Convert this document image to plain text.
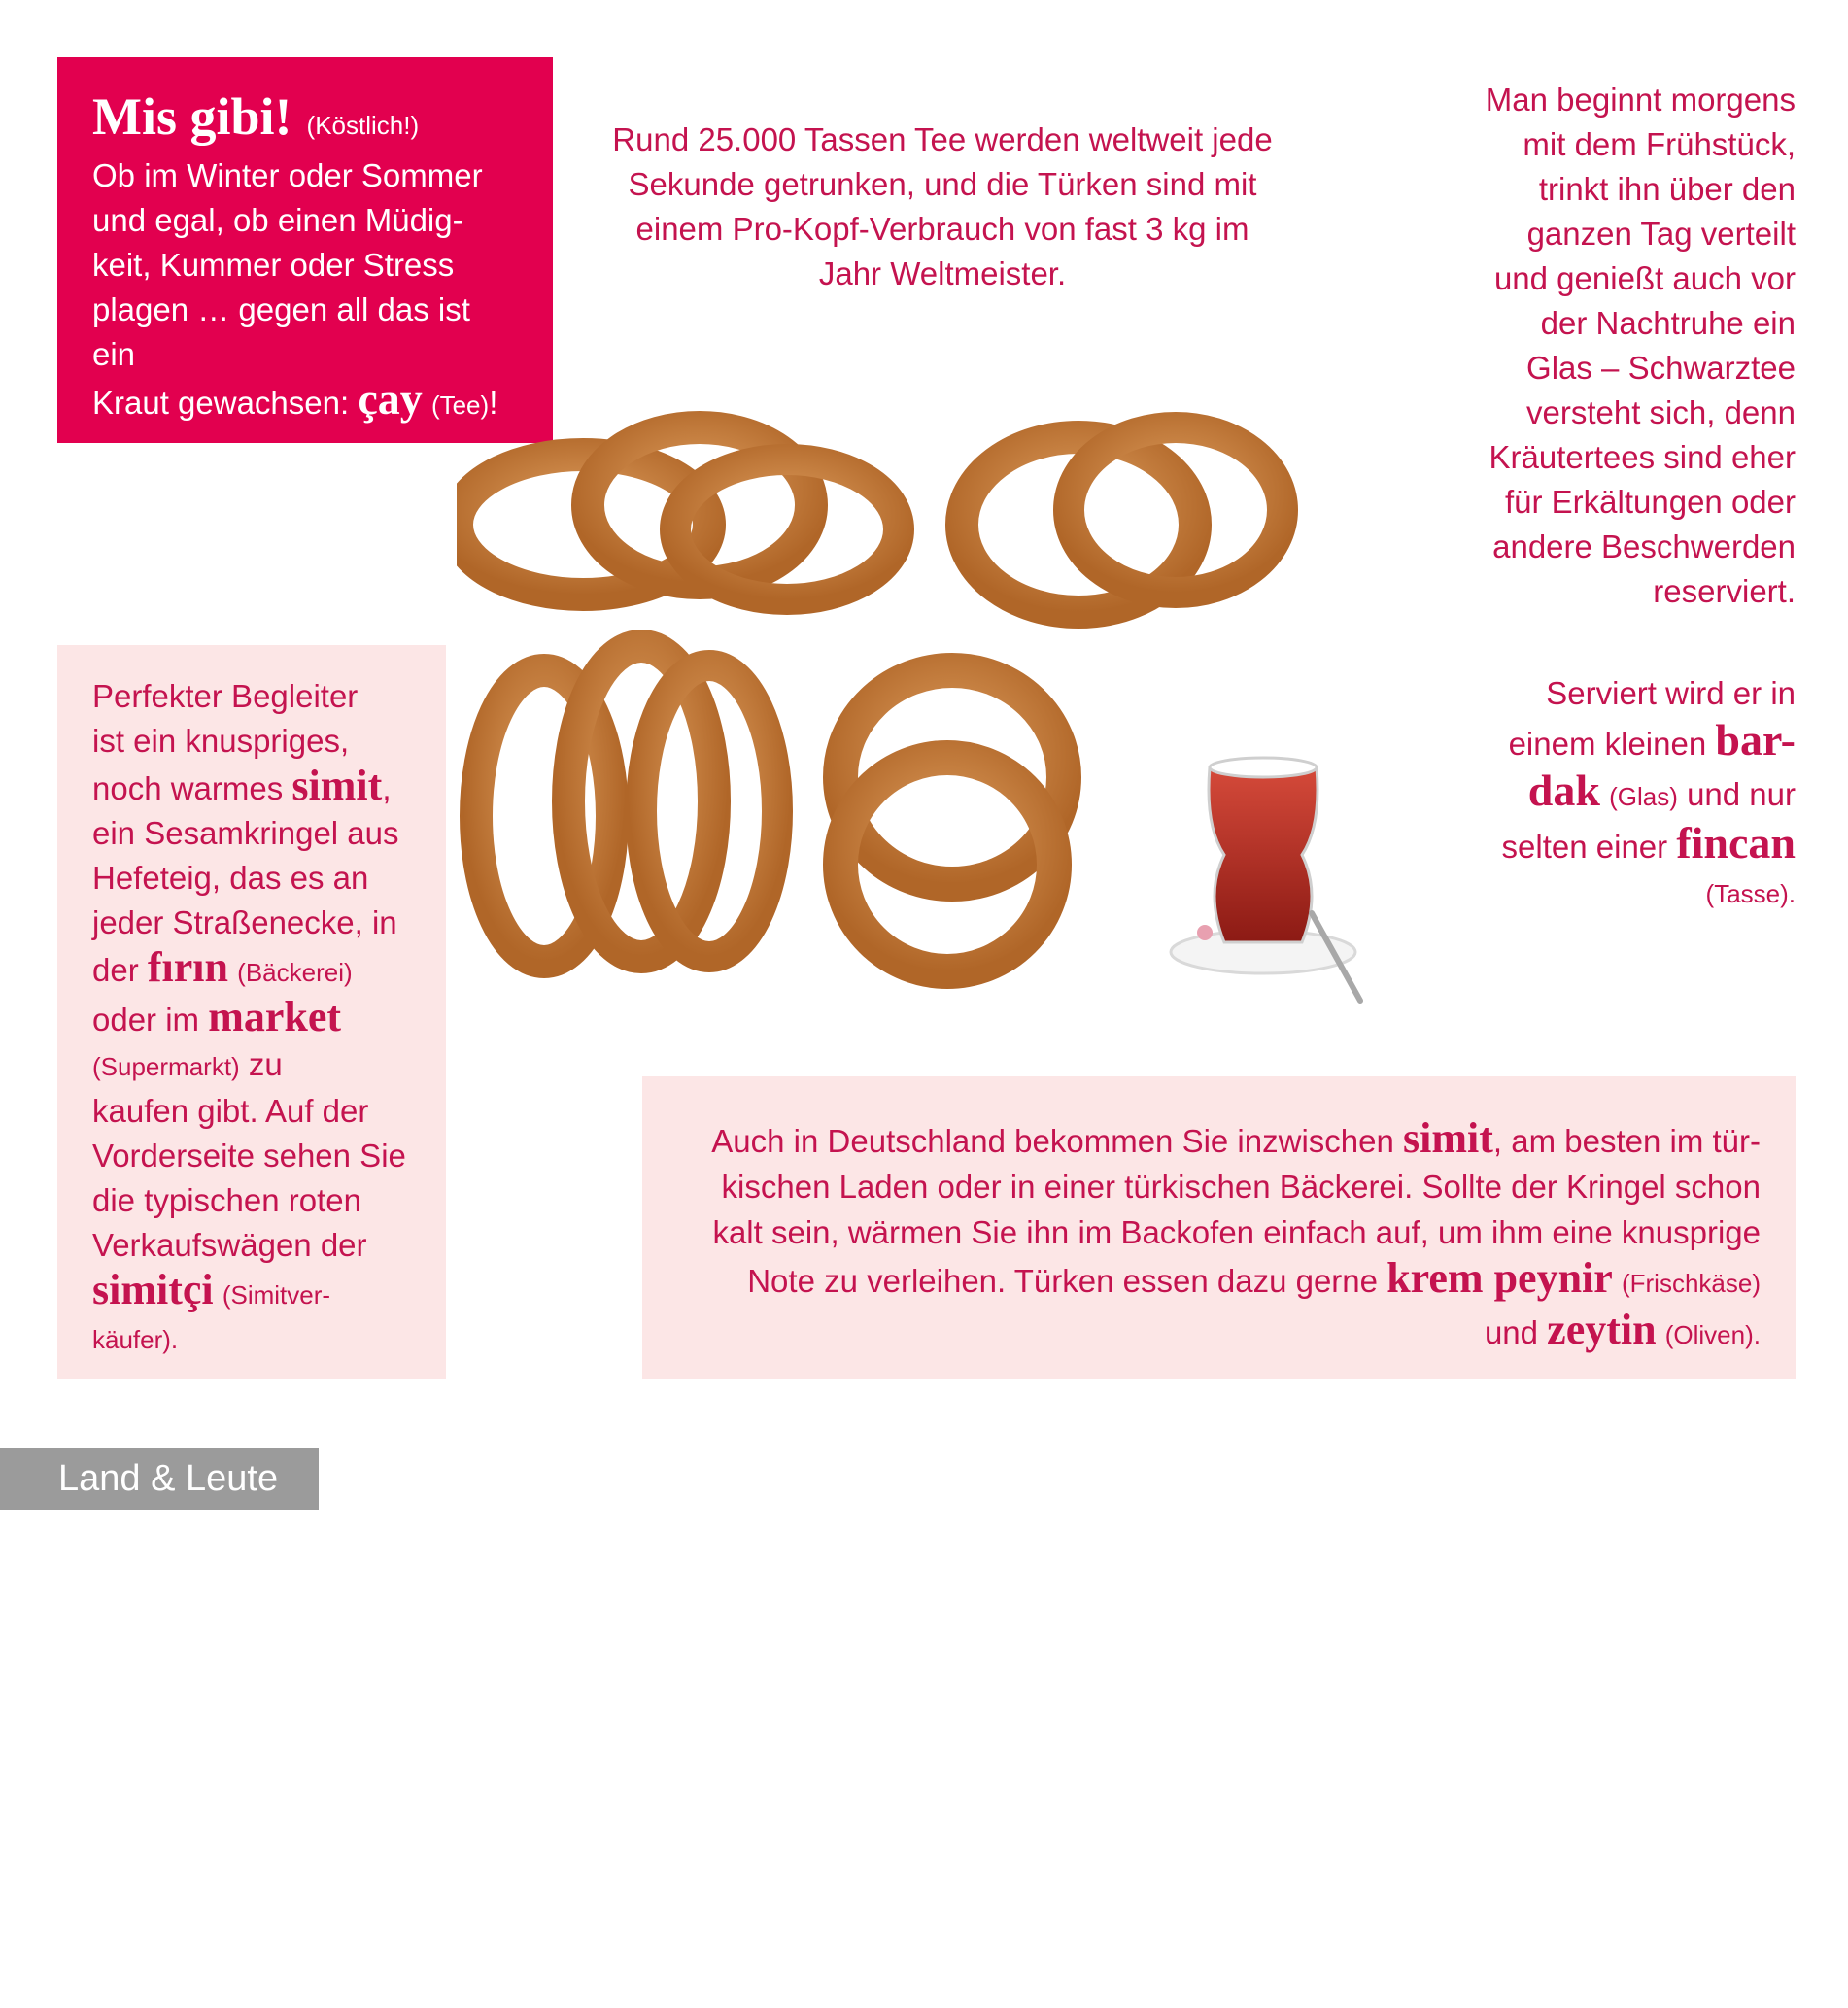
Mis gibi! (Köstlich!)
Ob im Winter oder Sommer
und egal, ob einen Müdig-
keit, Kummer oder Stress
plagen … gegen all das ist ein
Kraut gewachsen: çay (Tee)!
Rund 25.000 Tassen Tee werden weltweit jede
Sekunde getrunken, und die Türken sind mit
einem Pro-Kopf-Verbrauch von fast 3 kg im
Jahr Weltmeister.
Man beginnt morgens
mit dem Frühstück,
trinkt ihn über den
ganzen Tag verteilt
und genießt auch vor
der Nachtruhe ein
Glas – Schwarztee
versteht sich, denn
Kräutertees sind eher
für Erkältungen oder
andere Beschwerden
reserviert.
Serviert wird er in
einem kleinen bar-
dak (Glas) und nur
selten einer fincan
(Tasse).
Perfekter Begleiter
ist ein knuspriges,
noch warmes simit,
ein Sesamkringel aus
Hefeteig, das es an
jeder Straßenecke, in
der fırın (Bäckerei)
oder im market
(Supermarkt) zu
kaufen gibt. Auf der
Vorderseite sehen Sie
die typischen roten
Verkaufswägen der
simitçi (Simitver-
käufer).
Auch in Deutschland bekommen Sie inzwischen simit, am besten im tür-
kischen Laden oder in einer türkischen Bäckerei. Sollte der Kringel schon
kalt sein, wärmen Sie ihn im Backofen einfach auf, um ihm eine knusprige
Note zu verleihen. Türken essen dazu gerne krem peynir (Frischkäse)
und zeytin (Oliven).
Land & Leute
